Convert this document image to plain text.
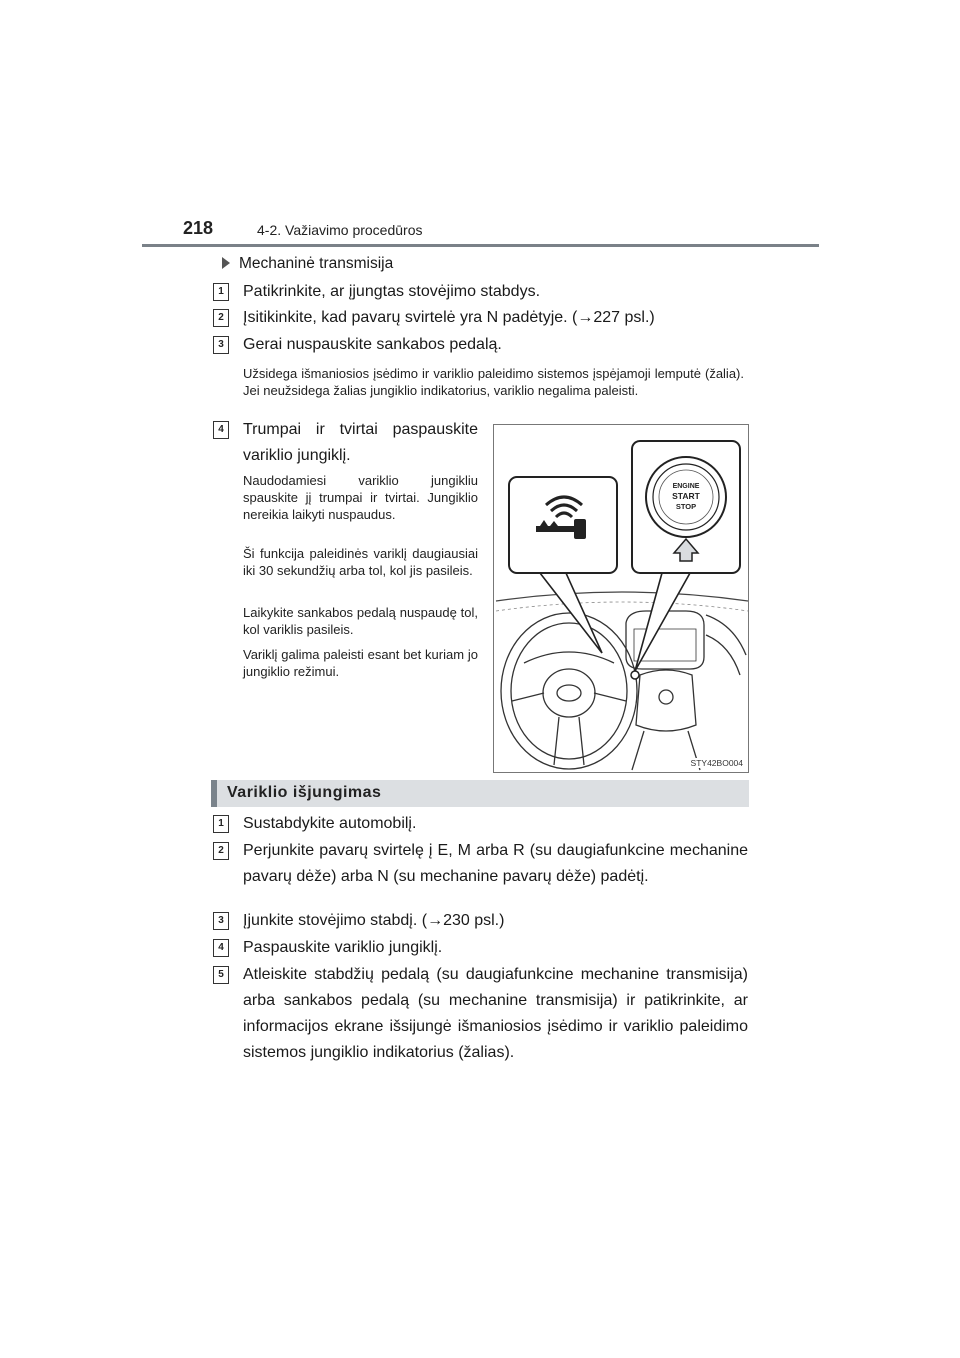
218	4-2. Važiavimo procedūros
Mechaninė transmisija
1	Patikrinkite, ar įjungtas stovėjimo stabdys.
2	Įsitikinkite, kad pavarų svirtelė yra N padėtyje. (→227 psl.)
3	Gerai nuspauskite sankabos pedalą.
Užsidega išmaniosios įsėdimo ir variklio paleidimo sistemos įspėjamoji lemputė (žalia). Jei neužsidega žalias jungiklio indikatorius, variklio negalima paleisti.
4	Trumpai ir tvirtai paspauskite variklio jungiklį.
Naudodamiesi variklio jungikliu spauskite jį trumpai ir tvirtai. Jungiklio nereikia laikyti nuspaudus.
Ši funkcija paleidinės variklį daugiausiai iki 30 sekundžių arba tol, kol jis pasileis.
Laikykite sankabos pedalą nuspaudę tol, kol variklis pasileis.
Variklį galima paleisti esant bet kuriam jo jungiklio režimui.
ENGINE
START
STOP
STY42BO004
Variklio išjungimas
1	Sustabdykite automobilį.
2	Perjunkite pavarų svirtelę į E, M arba R (su daugiafunkcine mechanine pavarų dėže) arba N (su mechanine pavarų dėže) padėtį.
3	Įjunkite stovėjimo stabdį. (→230 psl.)
4	Paspauskite variklio jungiklį.
5	Atleiskite stabdžių pedalą (su daugiafunkcine mechanine transmisija) arba sankabos pedalą (su mechanine transmisija) ir patikrinkite, ar informacijos ekrane išsijungė išmaniosios įsėdimo ir variklio paleidimo sistemos jungiklio indikatorius (žalias).
